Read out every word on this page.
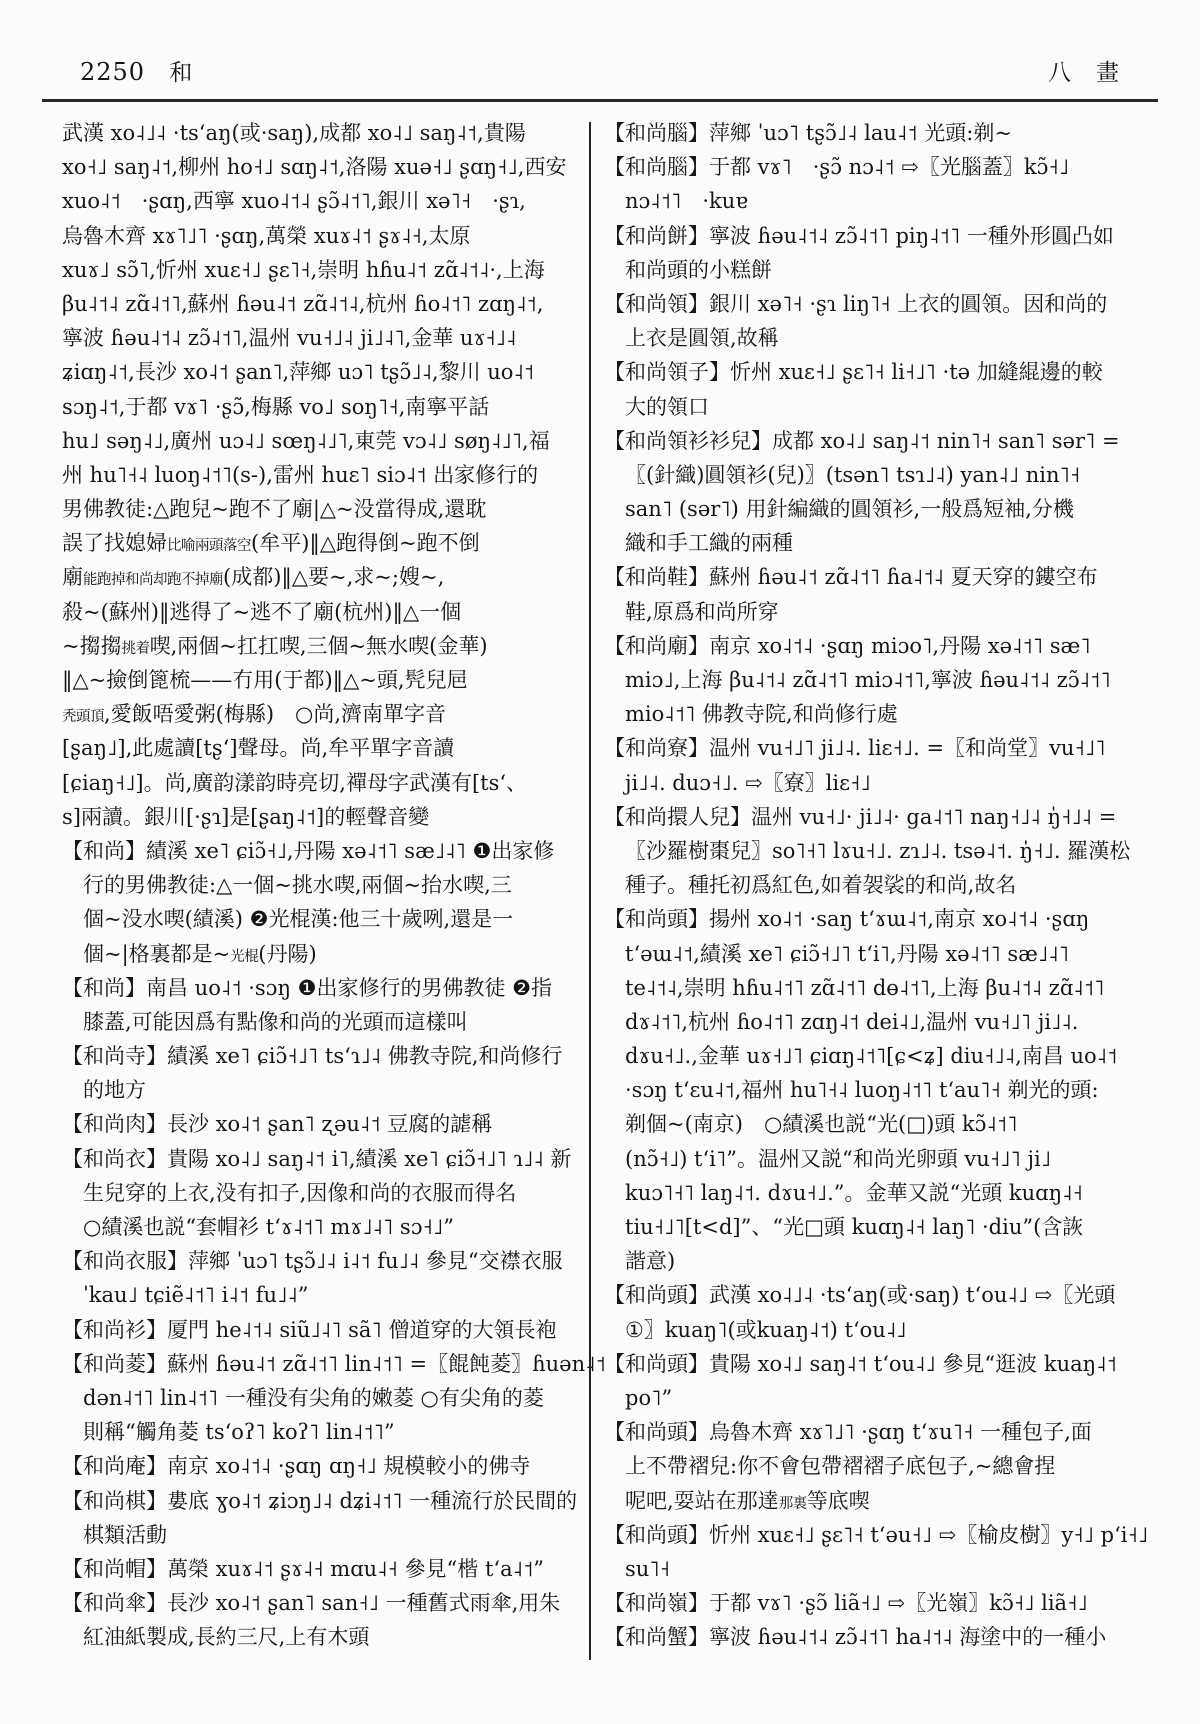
2250 和	八　畫
武漢 xo˨˩˨ ·tsʻaŋ(或·saŋ),成都 xo˨˩ saŋ˨˦,貴陽
xo˧˩ saŋ˨˦,柳州 ho˧˩ sɑŋ˨˦,洛陽 xuə˧˩ ʂɑŋ˧˩,西安
xuo˨˦　·ʂɑŋ,西寧 xuo˨˦˨ ʂɔ̃˨˦˥,銀川 xə˥˧　·ʂɿ,
烏魯木齊 xɤ˥˩˥ ·ʂɑŋ,萬榮 xuɤ˨˦ ʂɤ˨˧,太原
xuɤ˩ sɔ̃˥,忻州 xuɛ˧˩ ʂɛ˥˧,崇明 hɦu˨˦ zɑ̃˨˦˨·,上海
βu˨˦˨ zɑ̃˨˦˥,蘇州 ɦəu˨˦ zɑ̃˨˦˨,杭州 ɦo˨˦˥ zɑŋ˨˦,
寧波 ɦəu˨˦˨ zɔ̃˨˦˥,温州 vu˧˩˨ ji˩˨˥,金華 uɤ˧˩˨
ʑiɑŋ˨˦,長沙 xo˨˦ ʂan˥,萍鄉 uɔ˥ tʂɔ̃˩˨,黎川 uo˨˦
sɔŋ˨˦,于都 vɤ˥ ·ʂɔ̃,梅縣 vo˩ soŋ˥˧,南寧平話
hu˩ səŋ˨˩,廣州 uɔ˨˩ sœŋ˨˩˥,東莞 vɔ˨˩ søŋ˨˩˥,福
州 hu˥˧˨ luoŋ˨˦˥(s-),雷州 huɛ˥ siɔ˨˦ 出家修行的
男佛教徒:△跑兒~跑不了廟|△~没當得成,還耽
誤了找媳婦比喻兩頭落空(牟平)‖△跑得倒~跑不倒
廟能跑掉和尚却跑不掉廟(成都)‖△要~,求~;嫂~,
殺~(蘇州)‖逃得了~逃不了廟(杭州)‖△一個
~搊搊挑着喫,兩個~扛扛喫,三個~無水喫(金華)
‖△~撿倒篦梳——冇用(于都)‖△~頭,髠兒㞎
秃頭頂,愛飯唔愛粥(梅縣)　○尚,濟南單字音
[ʂaŋ˩],此處讀[tʂʻ]聲母。尚,牟平單字音讀
[ɕiaŋ˧˩]。尚,廣韵漾韵時亮切,禪母字武漢有[tsʻ、
s]兩讀。銀川[·ʂɿ]是[ʂaŋ˨˦]的輕聲音變
【和尚】績溪 xe˥ ɕiɔ̃˧˩,丹陽 xə˨˦˥ sæ˩˨˥ ❶出家修
行的男佛教徒:△一個~挑水喫,兩個~抬水喫,三
個~没水喫(績溪) ❷光棍漢:他三十歲咧,還是一
個~|格裏都是~光棍(丹陽)
【和尚】南昌 uo˨˦ ·sɔŋ ❶出家修行的男佛教徒 ❷指
膝蓋,可能因爲有點像和尚的光頭而這樣叫
【和尚寺】績溪 xe˥ ɕiɔ̃˧˩˥ tsʻɿ˩˨ 佛教寺院,和尚修行
的地方
【和尚肉】長沙 xo˨˦ ʂan˥ ʐəu˨˦ 豆腐的謔稱
【和尚衣】貴陽 xo˨˩ saŋ˨˦ i˥,績溪 xe˥ ɕiɔ̃˧˩˥ ɿ˩˨ 新
生兒穿的上衣,没有扣子,因像和尚的衣服而得名
○績溪也説“套帽衫 tʻɤ˨˦˥ mɤ˩˨˥ sɔ˧˩”
【和尚衣服】萍鄉 ˈuɔ˥ tʂɔ̃˩˨ i˨˦ fu˩˨ 參見“交襟衣服
ˈkau˩ tɕiẽ˨˦˥ i˨˦ fu˩˨”
【和尚衫】厦門 he˨˦˨ siũ˩˨˥ sã˥ 僧道穿的大領長袍
【和尚菱】蘇州 ɦəu˨˦ zɑ̃˨˦˥ lin˨˦˥ =〖餛飩菱〗ɦuən˨˦
dən˨˦˥ lin˨˦˥ 一種没有尖角的嫩菱 ○有尖角的菱
則稱“觸角菱 tsʻoʔ˥ koʔ˥ lin˨˦˥”
【和尚庵】南京 xo˨˦˨ ·ʂɑŋ ɑŋ˧˩ 規模較小的佛寺
【和尚棋】婁底 ɣo˨˦ ʑiɔŋ˩˨ dʑi˨˦˥ 一種流行於民間的
棋類活動
【和尚帽】萬榮 xuɤ˨˦ ʂɤ˨˧ mɑu˨˧ 參見“楷 tʻa˨˦”
【和尚傘】長沙 xo˨˦ ʂan˥ san˧˩ 一種舊式雨傘,用朱
紅油紙製成,長約三尺,上有木頭
【和尚腦】萍鄉 ˈuɔ˥ tʂɔ̃˩˨ lau˨˦ 光頭:剃~
【和尚腦】于都 vɤ˥　·ʂɔ̃ nɔ˨˦ ⇨〖光腦蓋〗kɔ̃˧˩
nɔ˨˦˥　·kuɐ
【和尚餅】寧波 ɦəu˨˦˨ zɔ̃˨˦˥ piŋ˨˦˥ 一種外形圓凸如
和尚頭的小糕餅
【和尚領】銀川 xə˥˧ ·ʂɿ liŋ˥˧ 上衣的圓領。因和尚的
上衣是圓領,故稱
【和尚領子】忻州 xuɛ˧˩ ʂɛ˥˧ li˧˩˥ ·tə 加縫緄邊的較
大的領口
【和尚領衫衫兒】成都 xo˨˩ saŋ˨˦ nin˥˧ san˥ sər˥ =
〖(針織)圓領衫(兒)〗(tsən˥ tsɿ˩˨) yan˨˩ nin˥˧
san˥ (sər˥) 用針編織的圓領衫,一般爲短袖,分機
織和手工織的兩種
【和尚鞋】蘇州 ɦəu˨˦ zɑ̃˨˦˥ ɦa˨˦˨ 夏天穿的鏤空布
鞋,原爲和尚所穿
【和尚廟】南京 xo˨˦˨ ·ʂɑŋ miɔo˥,丹陽 xə˨˦˥ sæ˥
miɔ˩,上海 βu˨˦˨ zɑ̃˨˦˥ miɔ˨˦˥,寧波 ɦəu˨˦˨ zɔ̃˨˦˥
mio˨˦˥ 佛教寺院,和尚修行處
【和尚寮】温州 vu˧˩˥ ji˩˨. liɛ˧˩. =〖和尚堂〗vu˧˩˥
ji˩˨. duɔ˧˩. ⇨〖寮〗liɛ˧˩
【和尚擐人兒】温州 vu˧˩· ji˩˨· ga˨˦˥ naŋ˧˩˨ ŋ̍˧˩˨ =
〖沙羅樹棗兒〗so˥˧˥ lɤu˧˩. zɿ˩˨. tsə˨˦. ŋ̍˧˩. 羅漢松
種子。種托初爲紅色,如着袈裟的和尚,故名
【和尚頭】揚州 xo˨˦ ·saŋ tʻɤɯ˨˦,南京 xo˨˦˨ ·ʂɑŋ
tʻəɯ˨˦,績溪 xe˥ ɕiɔ̃˧˩˥ tʻi˥,丹陽 xə˨˦˥ sæ˩˨˥
te˨˦˨,崇明 hɦu˨˦˥ zɑ̃˨˦˥ dɵ˨˦˥,上海 βu˨˦˨ zɑ̃˨˦˥
dɤ˨˦˥,杭州 ɦo˨˦˥ zɑŋ˨˦ dei˨˩,温州 vu˧˩˥ ji˩˨.
dɤu˧˩.,金華 uɤ˧˩˥ ɕiɑŋ˨˦˥[ɕ<ʑ] diu˧˩˨,南昌 uo˨˦
·sɔŋ tʻɛu˨˦,福州 hu˥˧˨ luoŋ˨˦˥ tʻau˥˧ 剃光的頭:
剃個~(南京)　○績溪也説“光(□)頭 kɔ̃˨˦˥
(nɔ̃˧˩) tʻi˥”。温州又説“和尚光卵頭 vu˧˩˥ ji˩
kuɔ˥˧˥ laŋ˨˦. dɤu˧˩.”。金華又説“光頭 kuɑŋ˨˧
tiu˧˩˥[t<d]”、“光□頭 kuɑŋ˨˧ laŋ˥ ·diu”(含詼
諧意)
【和尚頭】武漢 xo˨˩˨ ·tsʻaŋ(或·saŋ) tʻou˨˩ ⇨〖光頭
①〗kuaŋ˥(或kuaŋ˨˦) tʻou˨˩
【和尚頭】貴陽 xo˨˩ saŋ˨˦ tʻou˨˩ 參見“逛波 kuaŋ˨˦
po˥”
【和尚頭】烏魯木齊 xɤ˥˩˥ ·ʂɑŋ tʻɤu˥˧ 一種包子,面
上不帶褶兒:你不會包帶褶褶子底包子,~總會捏
呢吧,耍站在那達那裏等底喫
【和尚頭】忻州 xuɛ˧˩ ʂɛ˥˧ tʻəu˧˩ ⇨〖榆皮樹〗y˧˩ pʻi˧˩
su˥˧
【和尚嶺】于都 vɤ˥ ·ʂɔ̃ liã˧˩ ⇨〖光嶺〗kɔ̃˧˩ liã˧˩
【和尚蟹】寧波 ɦəu˨˦˨ zɔ̃˨˦˥ ha˨˦˨ 海塗中的一種小
